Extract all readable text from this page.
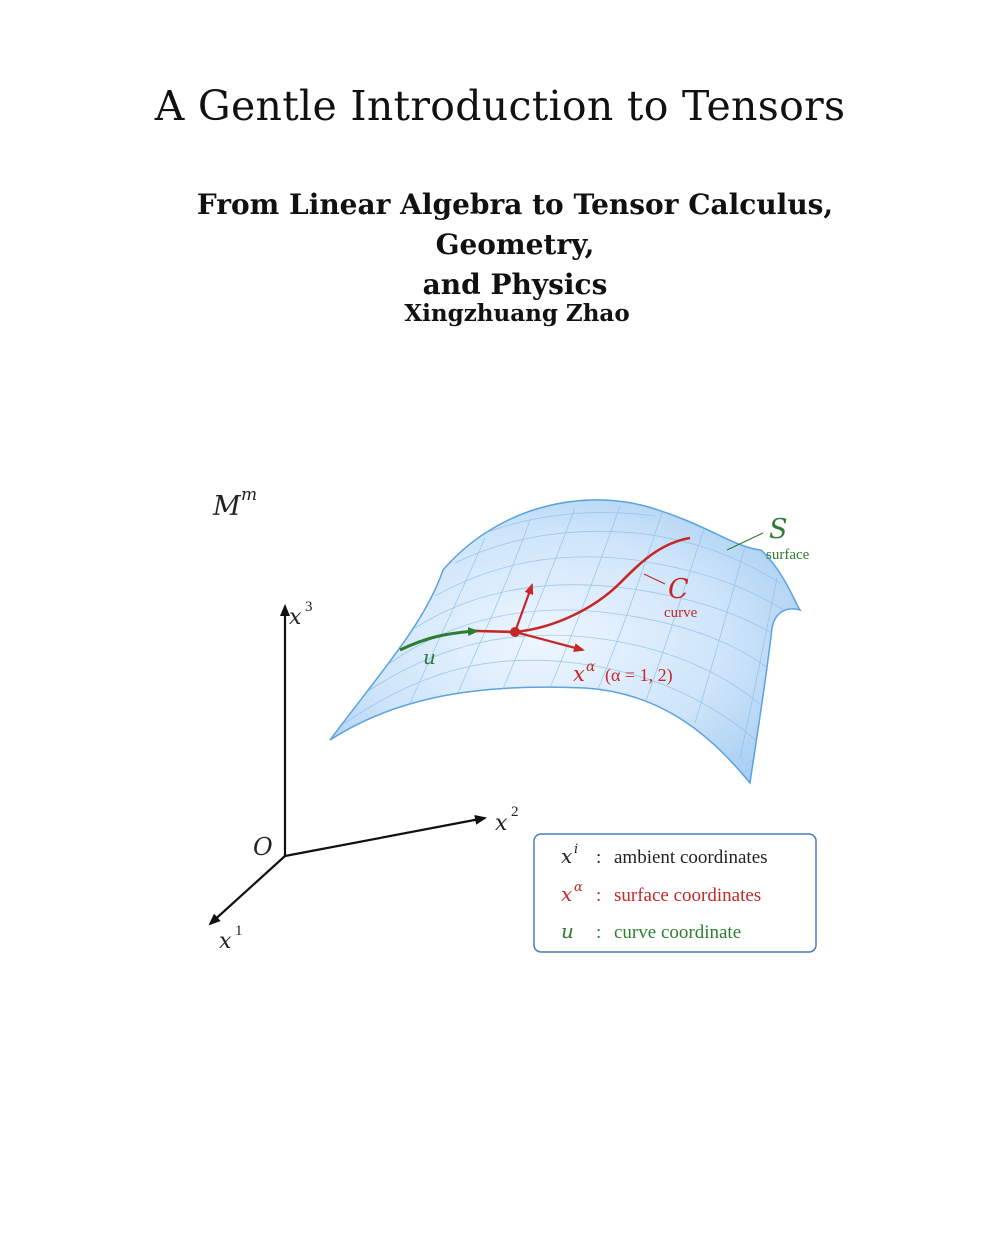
A Gentle Introduction to Tensors
From Linear Algebra to Tensor Calculus, Geometry,
and Physics
Xingzhuang Zhao
M m
S
surface
C
curve
u
x α (α = 1, 2)
x 3
x 2
x 1
O	x i : ambient coordinates
x α : surface coordinates
u : curve coordinate
